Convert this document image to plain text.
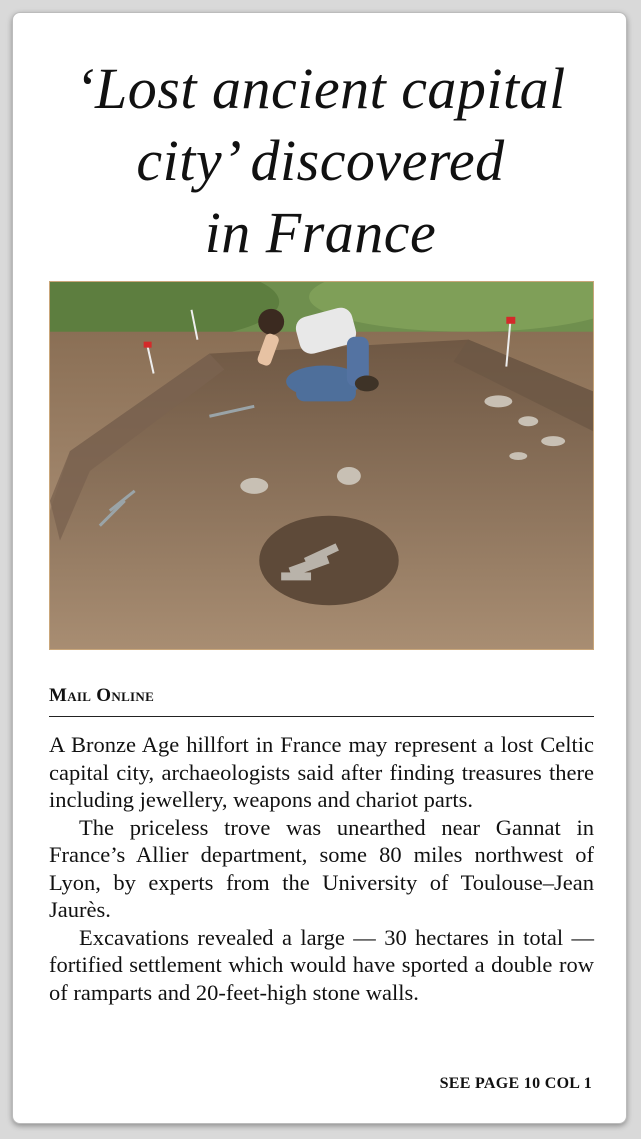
‘Lost ancient capital
city’ discovered
in France
Mail Online

A Bronze Age hillfort in France may represent a lost Celtic capital city, archaeologists said after finding treasures there including jewellery, weapons and chariot parts.

The priceless trove was unearthed near Gannat in France’s Allier department, some 80 miles northwest of Lyon, by experts from the University of Toulouse–Jean Jaurès.

Excavations revealed a large — 30 hectares in total — fortified settlement which would have sported a double row of ramparts and 20-feet-high stone walls.

SEE PAGE 10 COL 1
